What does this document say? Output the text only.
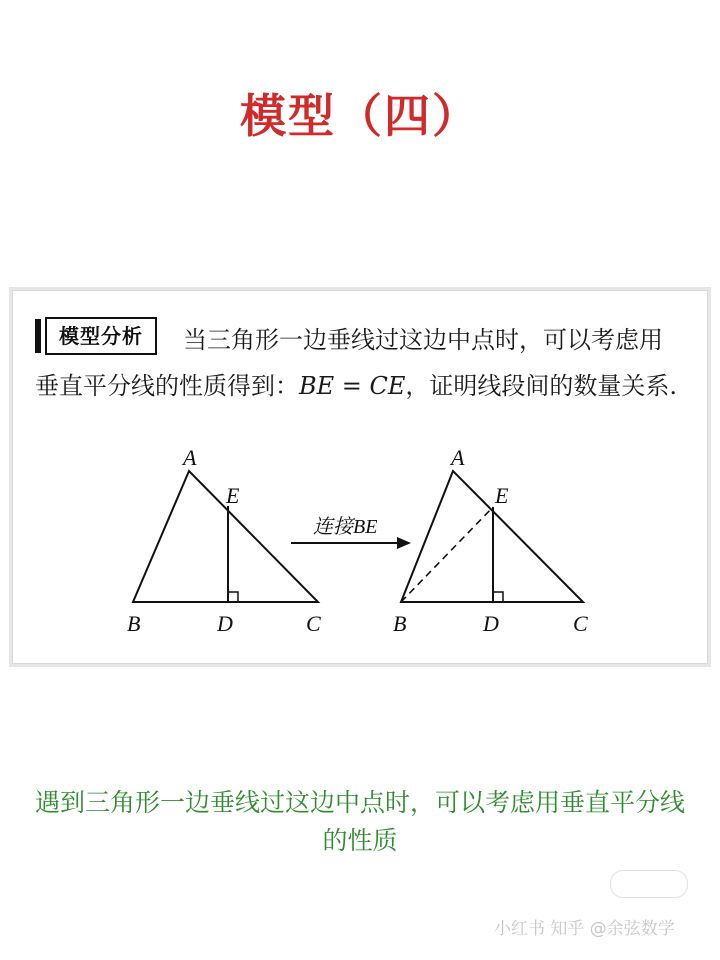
模型（四）

当三角形一边垂线过这边中点时，可以考虑用垂直平分线的性质得到：BE = CE，证明线段间的数量关系.

模型分析
A
E
B	D	C
连接BE
A
E
B	D	C
遇到三角形一边垂线过这边中点时，可以考虑用垂直平分线的性质
小红书 知乎 @余弦数学
